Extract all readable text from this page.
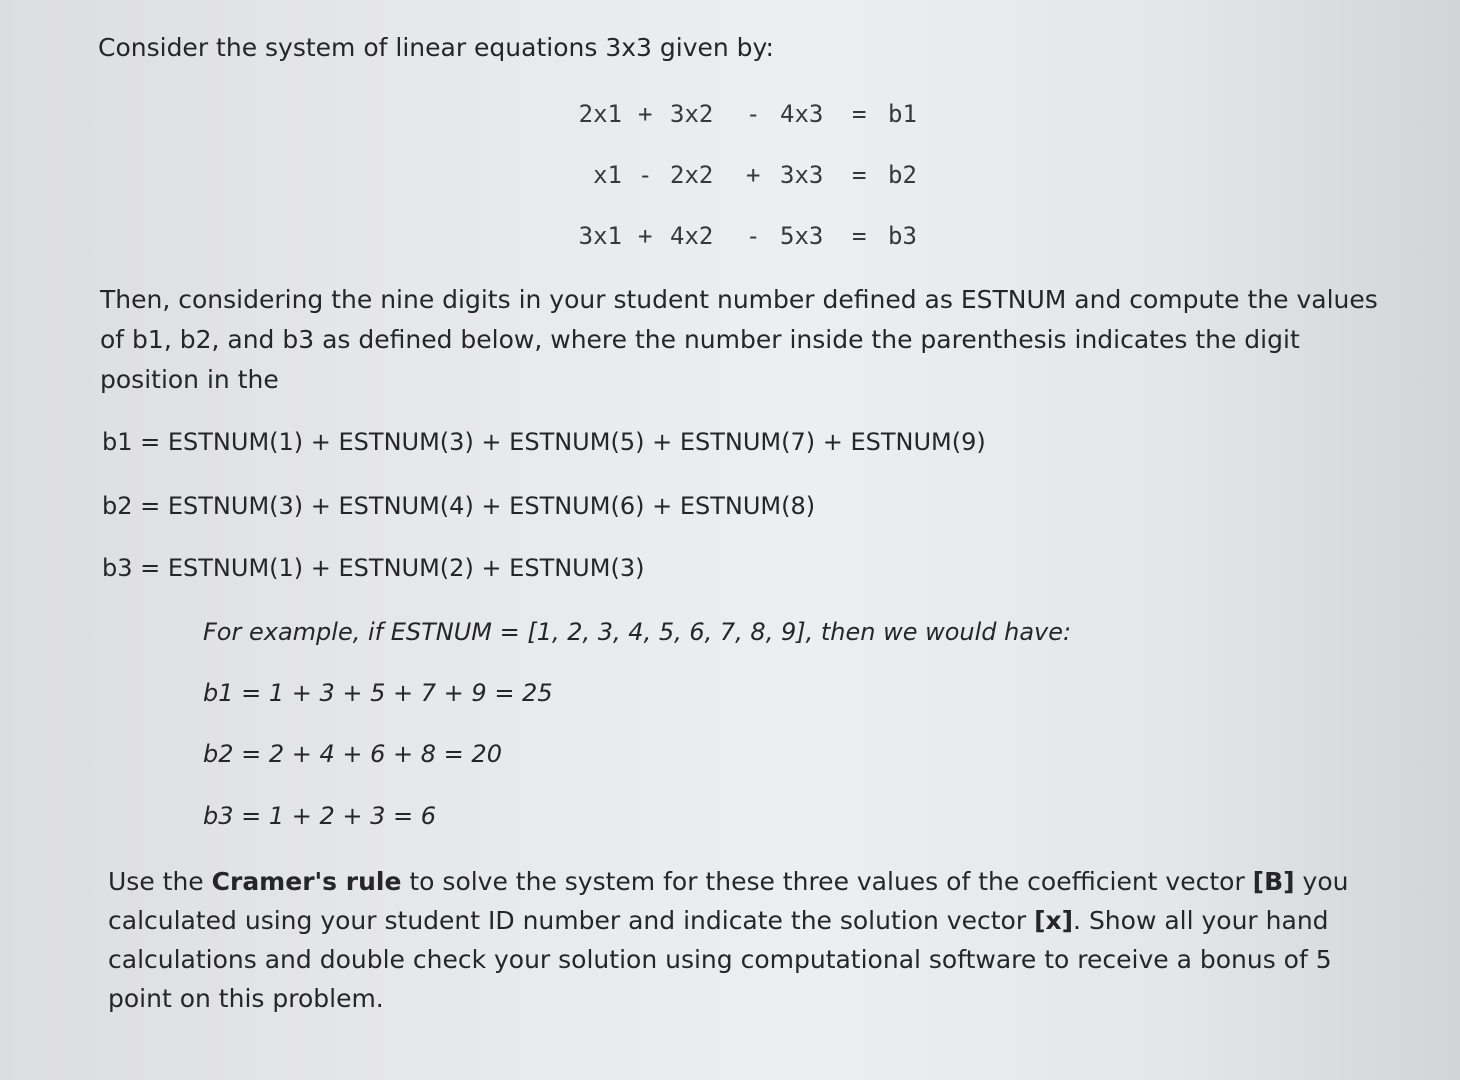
Consider the system of linear equations 3x3 given by:
2x1 + 3x2 - 4x3 = b1
x1 - 2x2 + 3x3 = b2
3x1 + 4x2 - 5x3 = b3
Then, considering the nine digits in your student number defined as ESTNUM and compute the values of b1, b2, and b3 as defined below, where the number inside the parenthesis indicates the digit position in the
b1 = ESTNUM(1) + ESTNUM(3) + ESTNUM(5) + ESTNUM(7) + ESTNUM(9)
b2 = ESTNUM(3) + ESTNUM(4) + ESTNUM(6) + ESTNUM(8)
b3 = ESTNUM(1) + ESTNUM(2) + ESTNUM(3)
For example, if ESTNUM = [1, 2, 3, 4, 5, 6, 7, 8, 9], then we would have:
b1 = 1 + 3 + 5 + 7 + 9 = 25
b2 = 2 + 4 + 6 + 8 = 20
b3 = 1 + 2 + 3 = 6
Use the Cramer's rule to solve the system for these three values of the coefficient vector [B] you calculated using your student ID number and indicate the solution vector [x]. Show all your hand calculations and double check your solution using computational software to receive a bonus of 5 point on this problem.
